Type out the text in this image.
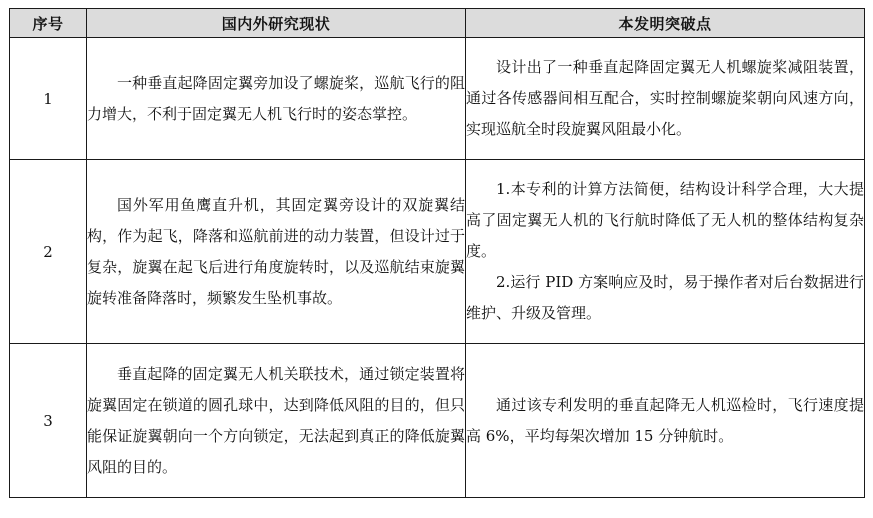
序号	国内外研究现状	本发明突破点
1	一种垂直起降固定翼旁加设了螺旋桨，巡航飞行的阻力增大，不利于固定翼无人机飞行时的姿态掌控。	设计出了一种垂直起降固定翼无人机螺旋桨减阻装置，通过各传感器间相互配合，实时控制螺旋桨朝向风速方向，实现巡航全时段旋翼风阻最小化。

2	国外军用鱼鹰直升机，其固定翼旁设计的双旋翼结构，作为起飞，降落和巡航前进的动力装置，但设计过于复杂，旋翼在起飞后进行角度旋转时，以及巡航结束旋翼旋转准备降落时，频繁发生坠机事故。	1.本专利的计算方法简便，结构设计科学合理，大大提高了固定翼无人机的飞行航时降低了无人机的整体结构复杂度。

2.运行 PID 方案响应及时，易于操作者对后台数据进行维护、升级及管理。

3	垂直起降的固定翼无人机关联技术，通过锁定装置将旋翼固定在锁道的圆孔球中，达到降低风阻的目的，但只能保证旋翼朝向一个方向锁定，无法起到真正的降低旋翼风阻的目的。	通过该专利发明的垂直起降无人机巡检时，飞行速度提高 6%，平均每架次增加 15 分钟航时。
